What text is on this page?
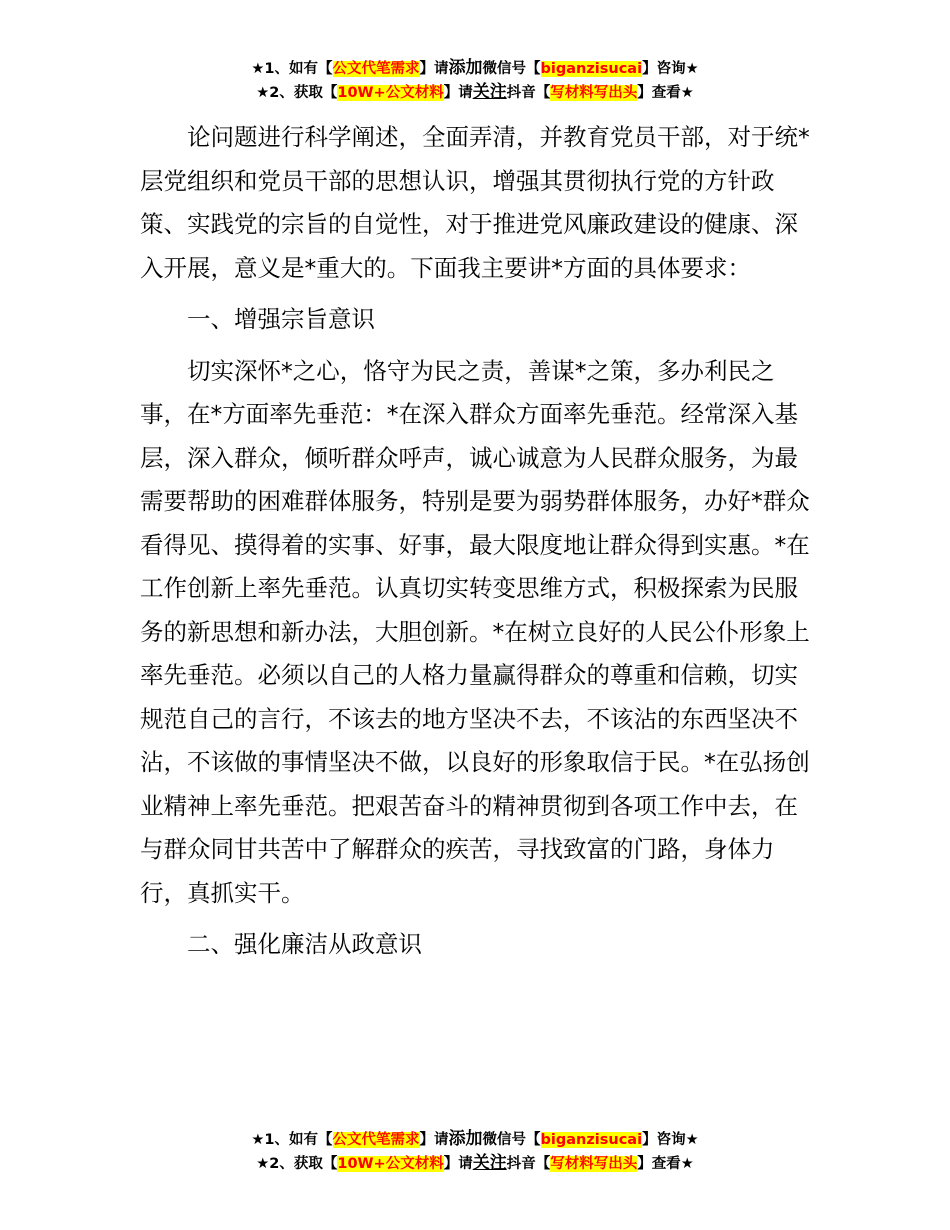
★1、如有【公文代笔需求】请添加微信号【biganzisucai】咨询★
★2、获取【10W+公文材料】请关注抖音【写材料写出头】查看★

论问题进行科学阐述，全面弄清，并教育党员干部，对于统*层党组织和党员干部的思想认识，增强其贯彻执行党的方针政策、实践党的宗旨的自觉性，对于推进党风廉政建设的健康、深入开展，意义是*重大的。下面我主要讲*方面的具体要求：

一、增强宗旨意识

切实深怀*之心，恪守为民之责，善谋*之策，多办利民之事，在*方面率先垂范：*在深入群众方面率先垂范。经常深入基层，深入群众，倾听群众呼声，诚心诚意为人民群众服务，为最需要帮助的困难群体服务，特别是要为弱势群体服务，办好*群众看得见、摸得着的实事、好事，最大限度地让群众得到实惠。*在工作创新上率先垂范。认真切实转变思维方式，积极探索为民服务的新思想和新办法，大胆创新。*在树立良好的人民公仆形象上率先垂范。必须以自己的人格力量赢得群众的尊重和信赖，切实规范自己的言行，不该去的地方坚决不去，不该沾的东西坚决不沾，不该做的事情坚决不做，以良好的形象取信于民。*在弘扬创业精神上率先垂范。把艰苦奋斗的精神贯彻到各项工作中去，在与群众同甘共苦中了解群众的疾苦，寻找致富的门路，身体力行，真抓实干。

二、强化廉洁从政意识

★1、如有【公文代笔需求】请添加微信号【biganzisucai】咨询★
★2、获取【10W+公文材料】请关注抖音【写材料写出头】查看★
